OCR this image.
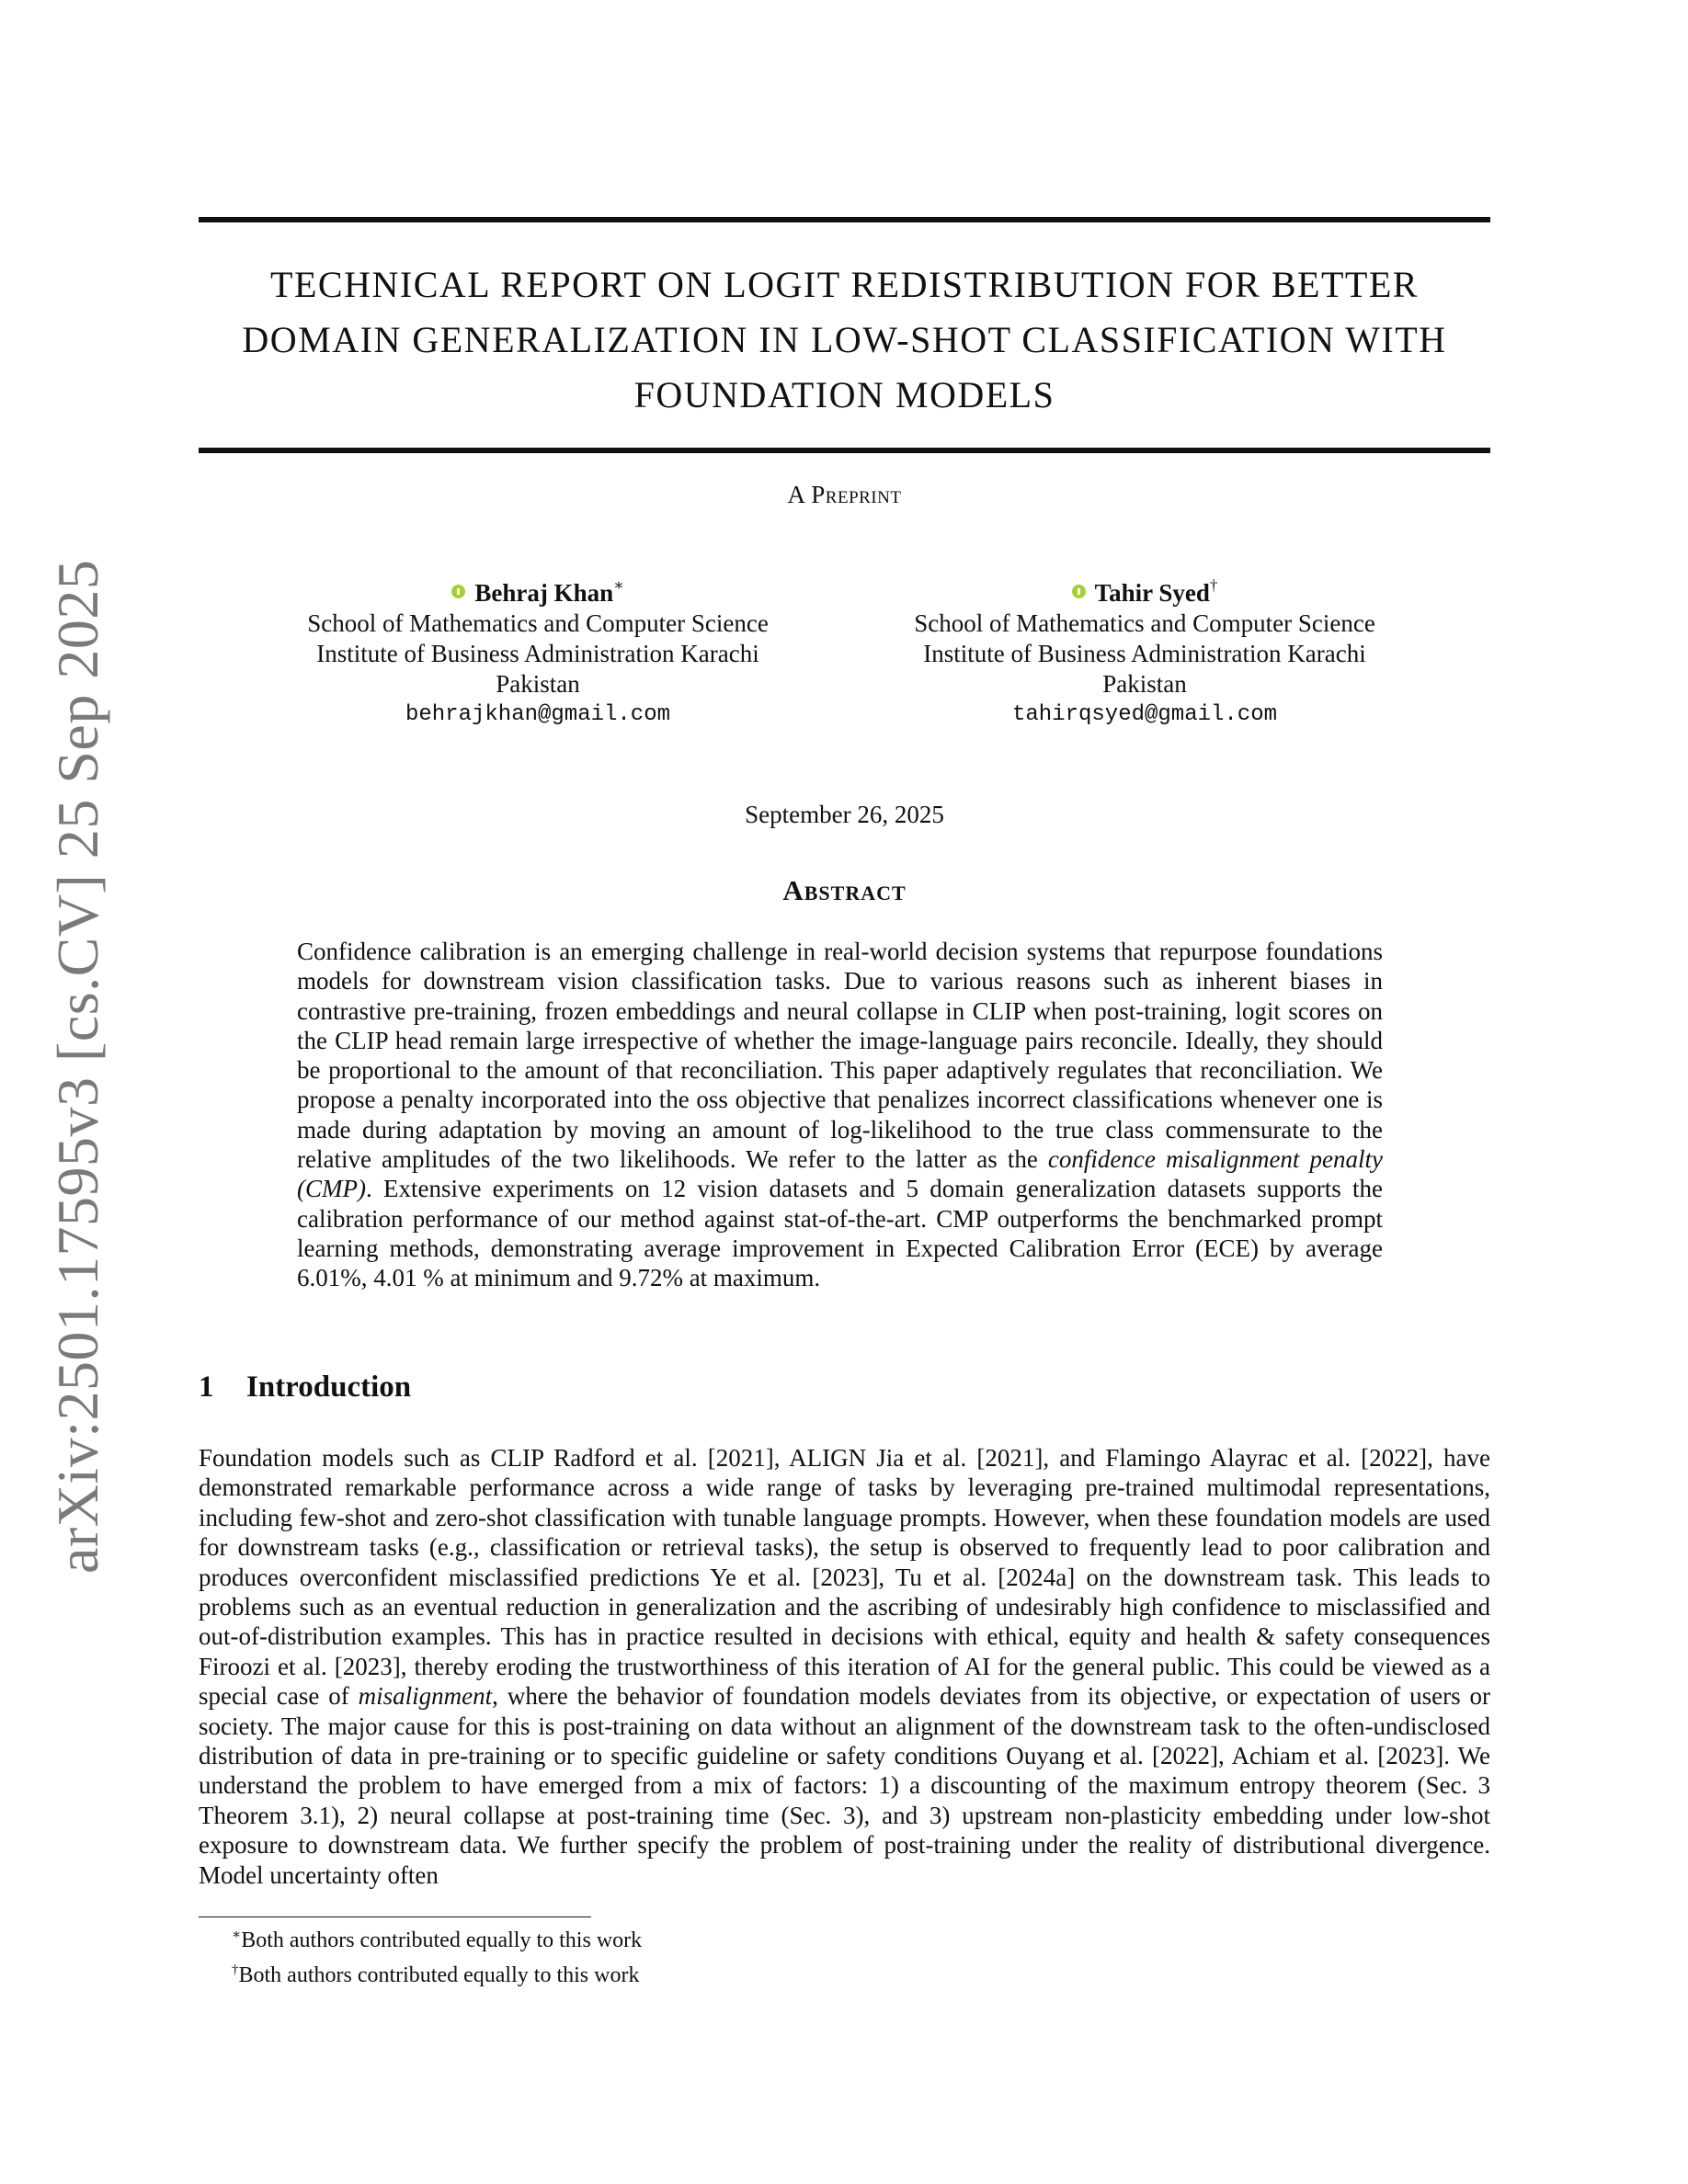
arXiv:2501.17595v3 [cs.CV] 25 Sep 2025
TECHNICAL REPORT ON LOGIT REDISTRIBUTION FOR BETTER
DOMAIN GENERALIZATION IN LOW-SHOT CLASSIFICATION WITH
FOUNDATION MODELS
A Preprint
Behraj Khan∗
School of Mathematics and Computer Science
Institute of Business Administration Karachi
Pakistan
behrajkhan@gmail.com
Tahir Syed†
School of Mathematics and Computer Science
Institute of Business Administration Karachi
Pakistan
tahirqsyed@gmail.com
September 26, 2025
Abstract
Confidence calibration is an emerging challenge in real-world decision systems that repurpose foundations models for downstream vision classification tasks. Due to various reasons such as inherent biases in contrastive pre-training, frozen embeddings and neural collapse in CLIP when post-training, logit scores on the CLIP head remain large irrespective of whether the image-language pairs reconcile. Ideally, they should be proportional to the amount of that reconciliation. This paper adaptively regulates that reconciliation. We propose a penalty incorporated into the oss objective that penalizes incorrect classifications whenever one is made during adaptation by moving an amount of log-likelihood to the true class commensurate to the relative amplitudes of the two likelihoods. We refer to the latter as the confidence misalignment penalty (CMP). Extensive experiments on 12 vision datasets and 5 domain generalization datasets supports the calibration performance of our method against stat-of-the-art. CMP outperforms the benchmarked prompt learning methods, demonstrating average improvement in Expected Calibration Error (ECE) by average 6.01%, 4.01 % at minimum and 9.72% at maximum.
1 Introduction
Foundation models such as CLIP Radford et al. [2021], ALIGN Jia et al. [2021], and Flamingo Alayrac et al. [2022], have demonstrated remarkable performance across a wide range of tasks by leveraging pre-trained multimodal representations, including few-shot and zero-shot classification with tunable language prompts. However, when these foundation models are used for downstream tasks (e.g., classification or retrieval tasks), the setup is observed to frequently lead to poor calibration and produces overconfident misclassified predictions Ye et al. [2023], Tu et al. [2024a] on the downstream task. This leads to problems such as an eventual reduction in generalization and the ascribing of undesirably high confidence to misclassified and out-of-distribution examples. This has in practice resulted in decisions with ethical, equity and health & safety consequences Firoozi et al. [2023], thereby eroding the trustworthiness of this iteration of AI for the general public. This could be viewed as a special case of misalignment, where the behavior of foundation models deviates from its objective, or expectation of users or society. The major cause for this is post-training on data without an alignment of the downstream task to the often-undisclosed distribution of data in pre-training or to specific guideline or safety conditions Ouyang et al. [2022], Achiam et al. [2023]. We understand the problem to have emerged from a mix of factors: 1) a discounting of the maximum entropy theorem (Sec. 3 Theorem 3.1), 2) neural collapse at post-training time (Sec. 3), and 3) upstream non-plasticity embedding under low-shot exposure to downstream data. We further specify the problem of post-training under the reality of distributional divergence. Model uncertainty often
∗Both authors contributed equally to this work
†Both authors contributed equally to this work
